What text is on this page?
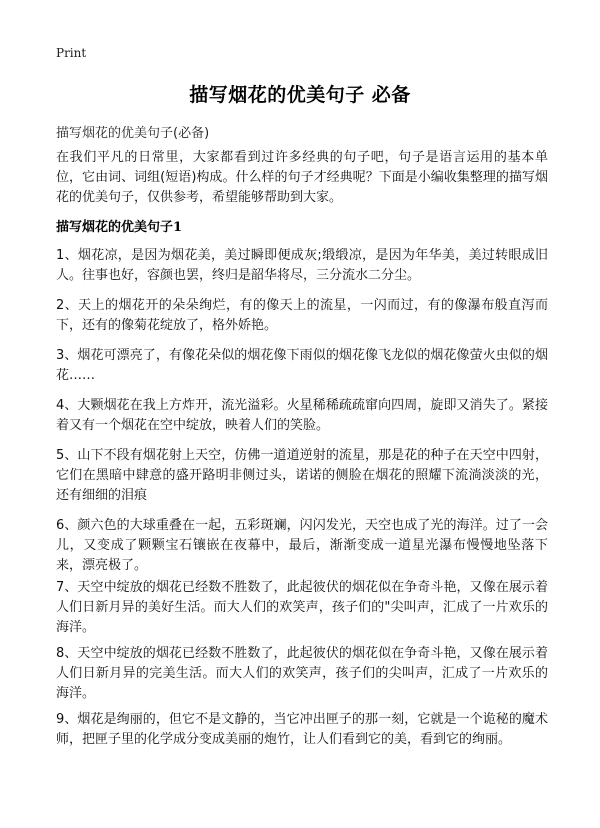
Print
描写烟花的优美句子 必备
描写烟花的优美句子(必备)

在我们平凡的日常里，大家都看到过许多经典的句子吧，句子是语言运用的基本单位，它由词、词组(短语)构成。什么样的句子才经典呢？下面是小编收集整理的描写烟花的优美句子，仅供参考，希望能够帮助到大家。

描写烟花的优美句子1

1、烟花凉，是因为烟花美，美过瞬即便成灰;缎缎凉，是因为年华美，美过转眼成旧人。往事也好，容颜也罢，终归是韶华将尽，三分流水二分尘。

2、天上的烟花开的朵朵绚烂，有的像天上的流星，一闪而过，有的像瀑布般直泻而下，还有的像菊花绽放了，格外娇艳。

3、烟花可漂亮了，有像花朵似的烟花像下雨似的烟花像飞龙似的烟花像萤火虫似的烟花……

4、大颗烟花在我上方炸开，流光溢彩。火星稀稀疏疏窜向四周，旋即又消失了。紧接着又有一个烟花在空中绽放，映着人们的笑脸。

5、山下不段有烟花射上天空，仿佛一道道逆射的流星，那是花的种子在天空中四射，它们在黑暗中肆意的盛开路明非侧过头，诺诺的侧脸在烟花的照耀下流淌淡淡的光，还有细细的泪痕

6、颜六色的大球重叠在一起，五彩斑斓，闪闪发光，天空也成了光的海洋。过了一会儿，又变成了颗颗宝石镶嵌在夜幕中，最后，渐渐变成一道星光瀑布慢慢地坠落下来，漂亮极了。

7、天空中绽放的烟花已经数不胜数了，此起彼伏的烟花似在争奇斗艳，又像在展示着人们日新月异的美好生活。而大人们的欢笑声，孩子们的"尖叫声，汇成了一片欢乐的海洋。

8、天空中绽放的烟花已经数不胜数了，此起彼伏的烟花似在争奇斗艳，又像在展示着人们日新月异的完美生活。而大人们的欢笑声，孩子们的尖叫声，汇成了一片欢乐的海洋。

9、烟花是绚丽的，但它不是文静的，当它冲出匣子的那一刻，它就是一个诡秘的魔术师，把匣子里的化学成分变成美丽的炮竹，让人们看到它的美，看到它的绚丽。
